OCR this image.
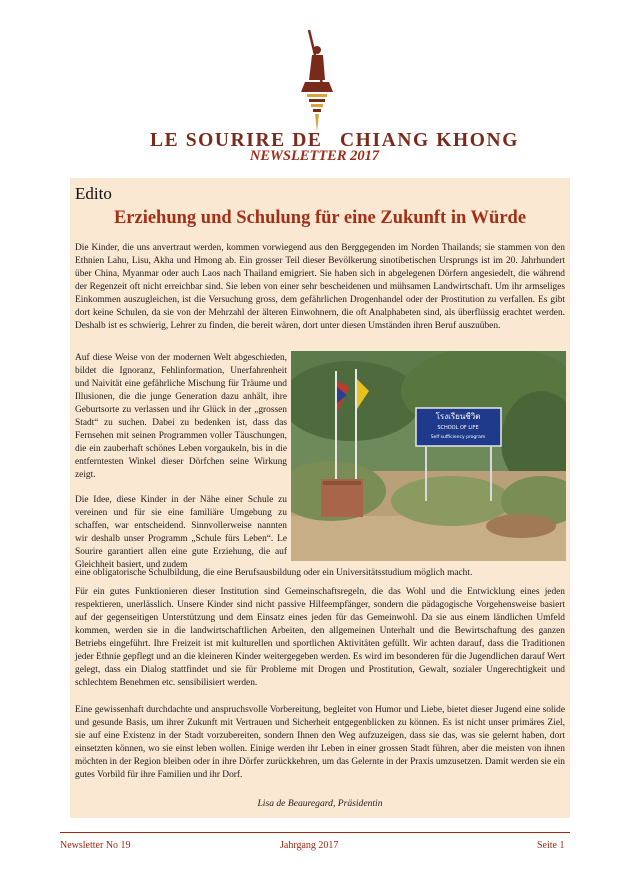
LE SOURIRE DE CHIANG KHONG
NEWSLETTER 2017
Edito
Erziehung und Schulung für eine Zukunft in Würde
Die Kinder, die uns anvertraut werden, kommen vorwiegend aus den Berggegenden im Norden Thailands; sie stammen von den Ethnien Lahu, Lisu, Akha und Hmong ab. Ein grosser Teil dieser Bevölkerung sinotibetischen Ursprungs ist im 20. Jahrhundert über China, Myanmar oder auch Laos nach Thailand emigriert. Sie haben sich in abgelegenen Dörfern angesiedelt, die während der Regenzeit oft nicht erreichbar sind. Sie leben von einer sehr bescheidenen und mühsamen Landwirtschaft. Um ihr armseliges Einkommen auszugleichen, ist die Versuchung gross, dem gefährlichen Drogenhandel oder der Prostitution zu verfallen. Es gibt dort keine Schulen, da sie von der Mehrzahl der älteren Einwohnern, die oft Analphabeten sind, als überflüssig erachtet werden. Deshalb ist es schwierig, Lehrer zu finden, die bereit wären, dort unter diesen Umständen ihren Beruf auszuüben.
Auf diese Weise von der modernen Welt abgeschieden, bildet die Ignoranz, Fehlinformation, Unerfahrenheit und Naivität eine gefährliche Mischung für Träume und Illusionen, die die junge Generation dazu anhält, ihre Geburtsorte zu verlassen und ihr Glück in der „grossen Stadt“ zu suchen. Dabei zu bedenken ist, dass das Fernsehen mit seinen Programmen voller Täuschungen, die ein zauberhaft schönes Leben vorgaukeln, bis in die entferntesten Winkel dieser Dörfchen seine Wirkung zeigt.
Die Idee, diese Kinder in der Nähe einer Schule zu vereinen und für sie eine familiäre Umgebung zu schaffen, war entscheidend. Sinnvollerweise nannten wir deshalb unser Programm „Schule fürs Leben“. Le Sourire garantiert allen eine gute Erziehung, die auf Gleichheit basiert, und zudem
eine obligatorische Schulbildung, die eine Berufsausbildung oder ein Universitätsstudium möglich macht.
Für ein gutes Funktionieren dieser Institution sind Gemeinschaftsregeln, die das Wohl und die Entwicklung eines jeden respektieren, unerlässlich. Unsere Kinder sind nicht passive Hilfeempfänger, sondern die pädagogische Vorgehensweise basiert auf der gegenseitigen Unterstützung und dem Einsatz eines jeden für das Gemeinwohl. Da sie aus einem ländlichen Umfeld kommen, werden sie in die landwirtschaftlichen Arbeiten, den allgemeinen Unterhalt und die Bewirtschaftung des ganzen Betriebs eingeführt. Ihre Freizeit ist mit kulturellen und sportlichen Aktivitäten gefüllt. Wir achten darauf, dass die Traditionen jeder Ethnie gepflegt und an die kleineren Kinder weitergegeben werden. Es wird im besonderen für die Jugendlichen darauf Wert gelegt, dass ein Dialog stattfindet und sie für Probleme mit Drogen und Prostitution, Gewalt, sozialer Ungerechtigkeit und schlechtem Benehmen etc. sensibilisiert werden.
Eine gewissenhaft durchdachte und anspruchsvolle Vorbereitung, begleitet von Humor und Liebe, bietet dieser Jugend eine solide und gesunde Basis, um ihrer Zukunft mit Vertrauen und Sicherheit entgegenblicken zu können. Es ist nicht unser primäres Ziel, sie auf eine Existenz in der Stadt vorzubereiten, sondern Ihnen den Weg aufzuzeigen, dass sie das, was sie gelernt haben, dort einsetzten können, wo sie einst leben wollen. Einige werden ihr Leben in einer grossen Stadt führen, aber die meisten von ihnen möchten in der Region bleiben oder in ihre Dörfer zurückkehren, um das Gelernte in der Praxis umzusetzen. Damit werden sie ein gutes Vorbild für ihre Familien und ihr Dorf.
โรงเรียนชีวิต
SCHOOL OF LIFE
Self sufficiency program
Lisa de Beauregard, Präsidentin
Newsletter No 19	Jahrgang 2017	Seite 1
